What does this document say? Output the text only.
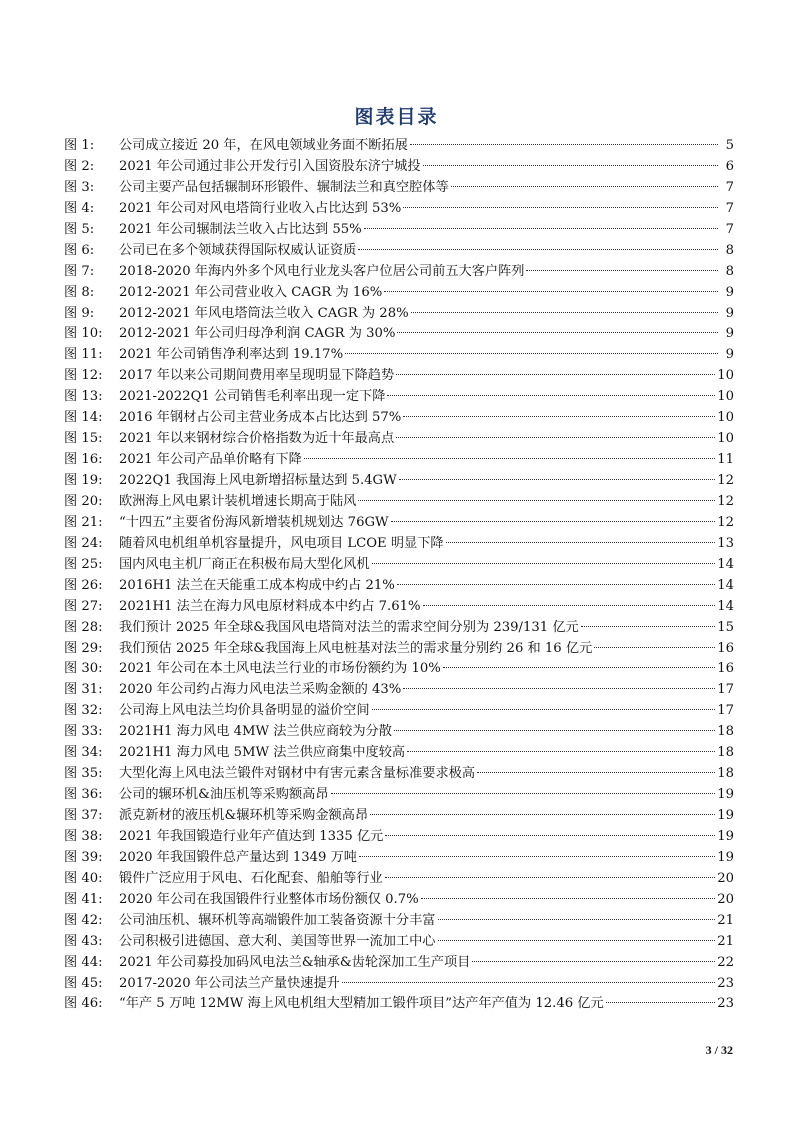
图表目录
图 1:	公司成立接近 20 年，在风电领域业务面不断拓展	5
图 2:	2021 年公司通过非公开发行引入国资股东济宁城投	6
图 3:	公司主要产品包括辗制环形锻件、辗制法兰和真空腔体等	7
图 4:	2021 年公司对风电塔筒行业收入占比达到 53%	7
图 5:	2021 年公司辗制法兰收入占比达到 55%	7
图 6:	公司已在多个领域获得国际权威认证资质	8
图 7:	2018-2020 年海内外多个风电行业龙头客户位居公司前五大客户阵列	8
图 8:	2012-2021 年公司营业收入 CAGR 为 16%	9
图 9:	2012-2021 年风电塔筒法兰收入 CAGR 为 28%	9
图 10:	2012-2021 年公司归母净利润 CAGR 为 30%	9
图 11:	2021 年公司销售净利率达到 19.17%	9
图 12:	2017 年以来公司期间费用率呈现明显下降趋势	10
图 13:	2021-2022Q1 公司销售毛利率出现一定下降	10
图 14:	2016 年钢材占公司主营业务成本占比达到 57%	10
图 15:	2021 年以来钢材综合价格指数为近十年最高点	10
图 16:	2021 年公司产品单价略有下降	11
图 19:	2022Q1 我国海上风电新增招标量达到 5.4GW	12
图 20:	欧洲海上风电累计装机增速长期高于陆风	12
图 21:	“十四五”主要省份海风新增装机规划达 76GW	12
图 24:	随着风电机组单机容量提升，风电项目 LCOE 明显下降	13
图 25:	国内风电主机厂商正在积极布局大型化风机	14
图 26:	2016H1 法兰在天能重工成本构成中约占 21%	14
图 27:	2021H1 法兰在海力风电原材料成本中约占 7.61%	14
图 28:	我们预计 2025 年全球&我国风电塔筒对法兰的需求空间分别为 239/131 亿元	15
图 29:	我们预估 2025 年全球&我国海上风电桩基对法兰的需求量分别约 26 和 16 亿元	16
图 30:	2021 年公司在本土风电法兰行业的市场份额约为 10%	16
图 31:	2020 年公司约占海力风电法兰采购金额的 43%	17
图 32:	公司海上风电法兰均价具备明显的溢价空间	17
图 33:	2021H1 海力风电 4MW 法兰供应商较为分散	18
图 34:	2021H1 海力风电 5MW 法兰供应商集中度较高	18
图 35:	大型化海上风电法兰锻件对钢材中有害元素含量标准要求极高	18
图 36:	公司的辗环机&油压机等采购额高昂	19
图 37:	派克新材的液压机&辗环机等采购金额高昂	19
图 38:	2021 年我国锻造行业年产值达到 1335 亿元	19
图 39:	2020 年我国锻件总产量达到 1349 万吨	19
图 40:	锻件广泛应用于风电、石化配套、船舶等行业	20
图 41:	2020 年公司在我国锻件行业整体市场份额仅 0.7%	20
图 42:	公司油压机、辗环机等高端锻件加工装备资源十分丰富	21
图 43:	公司积极引进德国、意大利、美国等世界一流加工中心	21
图 44:	2021 年公司募投加码风电法兰&轴承&齿轮深加工生产项目	22
图 45:	2017-2020 年公司法兰产量快速提升	23
图 46:	“年产 5 万吨 12MW 海上风电机组大型精加工锻件项目”达产年产值为 12.46 亿元	23
3 / 32
